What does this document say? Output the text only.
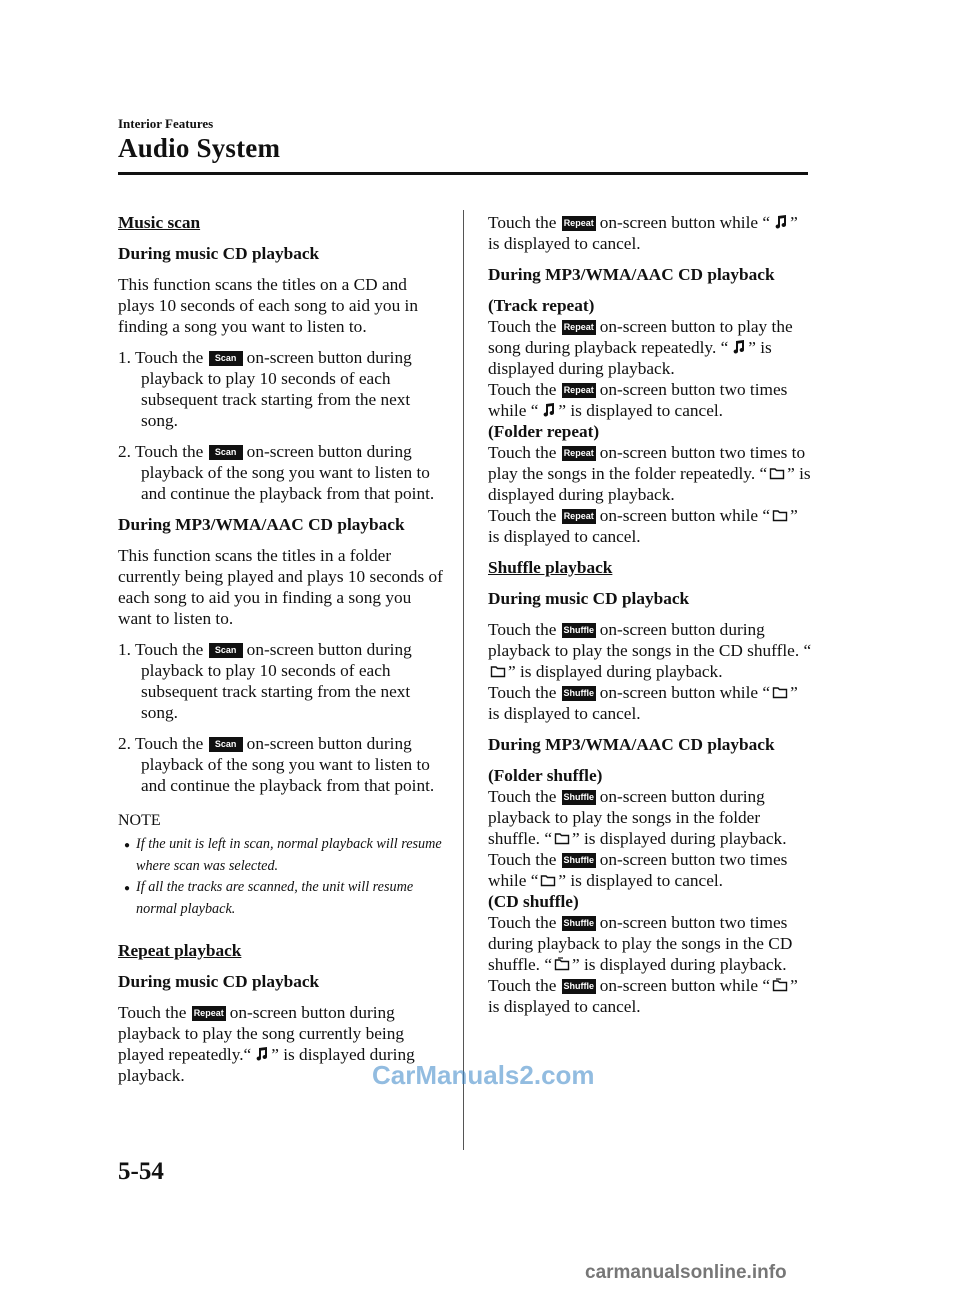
Interior Features
Audio System

Music scan

During music CD playback

This function scans the titles on a CD and plays 10 seconds of each song to aid you in finding a song you want to listen to.

1. Touch the Scan on-screen button during playback to play 10 seconds of each subsequent track starting from the next song.

2. Touch the Scan on-screen button during playback of the song you want to listen to and continue the playback from that point.

During MP3/WMA/AAC CD playback

This function scans the titles in a folder currently being played and plays 10 seconds of each song to aid you in finding a song you want to listen to.

1. Touch the Scan on-screen button during playback to play 10 seconds of each subsequent track starting from the next song.

2. Touch the Scan on-screen button during playback of the song you want to listen to and continue the playback from that point.

NOTE

● If the unit is left in scan, normal playback will resume where scan was selected.

● If all the tracks are scanned, the unit will resume normal playback.

Repeat playback

During music CD playback

Touch the Repeat on-screen button during playback to play the song currently being played repeatedly.“ ” is displayed during playback.

Touch the Repeat on-screen button while “ ” is displayed to cancel.

During MP3/WMA/AAC CD playback

(Track repeat)
Touch the Repeat on-screen button to play the song during playback repeatedly. “ ” is displayed during playback.
Touch the Repeat on-screen button two times while “ ” is displayed to cancel.
(Folder repeat)
Touch the Repeat on-screen button two times to play the songs in the folder repeatedly. “ ” is displayed during playback.
Touch the Repeat on-screen button while “ ” is displayed to cancel.

Shuffle playback

During music CD playback

Touch the Shuffle on-screen button during playback to play the songs in the CD shuffle. “” is displayed during playback.
Touch the Shuffle on-screen button while “ ” is displayed to cancel.

During MP3/WMA/AAC CD playback

(Folder shuffle)
Touch the Shuffle on-screen button during playback to play the songs in the folder shuffle. “ ” is displayed during playback.
Touch the Shuffle on-screen button two times while “ ” is displayed to cancel.
(CD shuffle)
Touch the Shuffle on-screen button two times during playback to play the songs in the CD shuffle. “ ” is displayed during playback.
Touch the Shuffle on-screen button while “ ” is displayed to cancel.
CarManuals2.com
5-54
carmanualsonline.info
